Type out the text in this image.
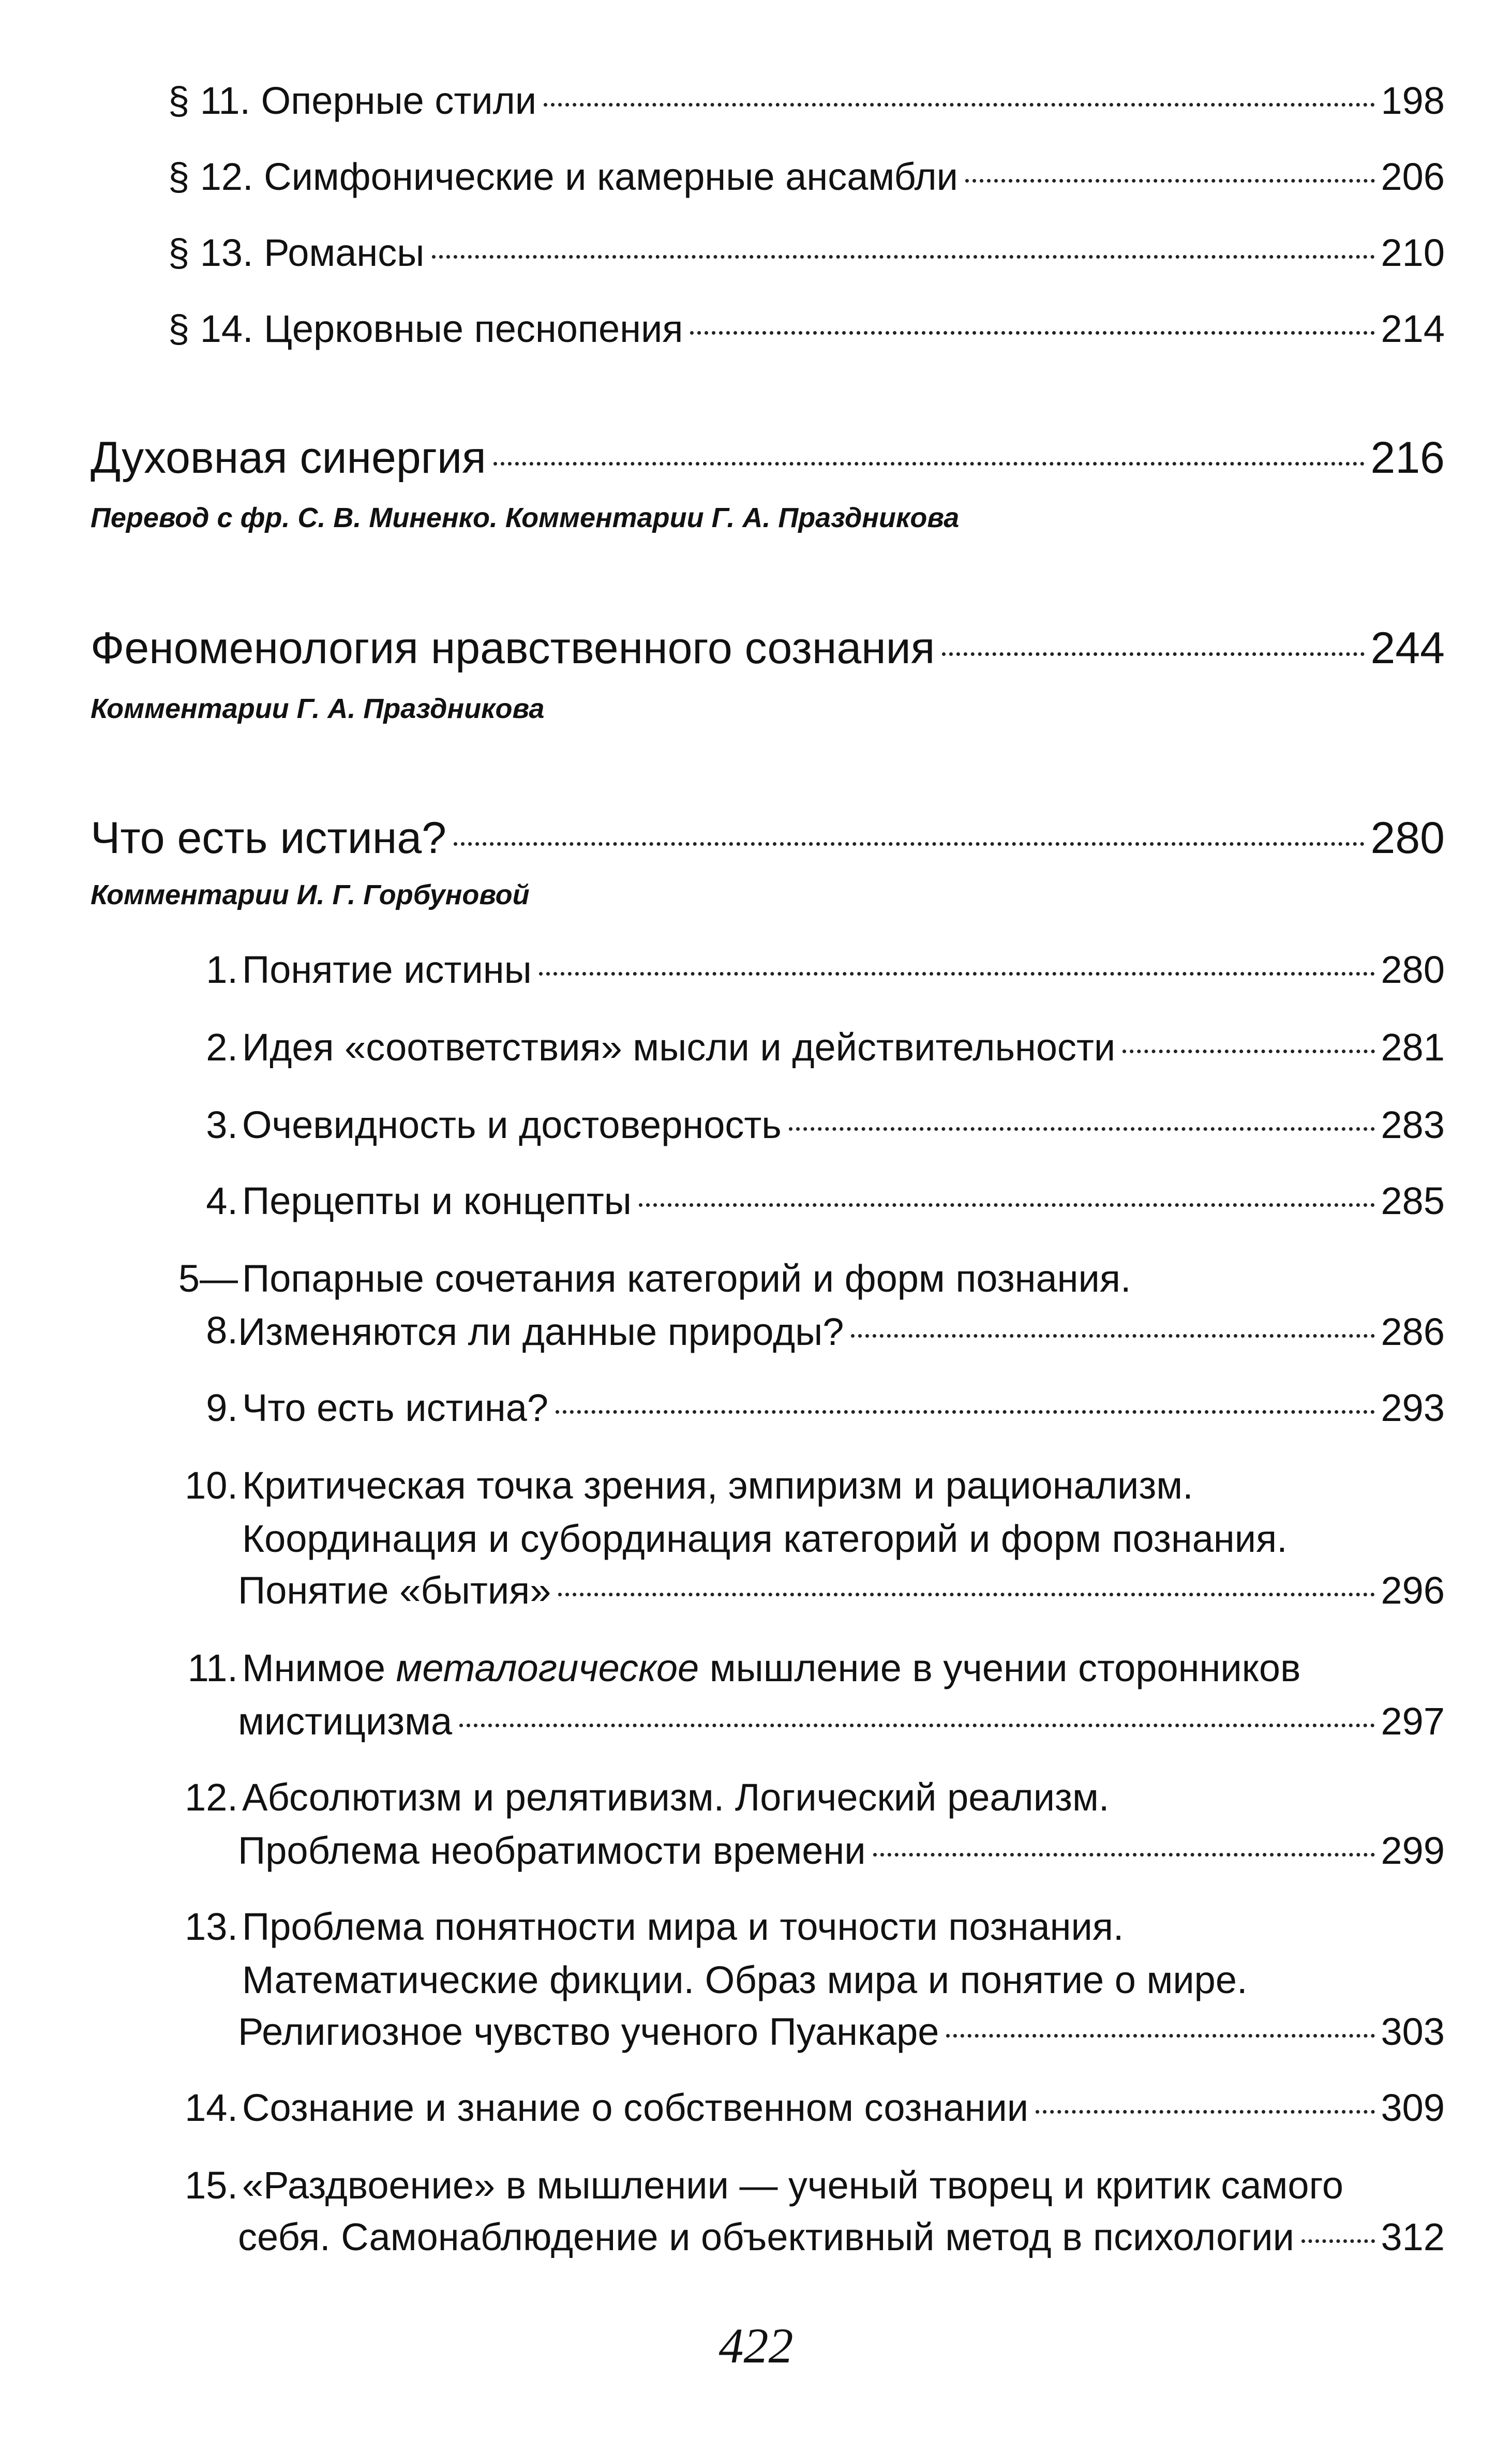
§ 11. Оперные стили	198
§ 12. Симфонические и камерные ансамбли	206
§ 13. Романсы	210
§ 14. Церковные песнопения	214
Духовная синергия	216
Перевод с фр. С. В. Миненко. Комментарии Г. А. Праздникова
Феноменология нравственного сознания	244
Комментарии Г. А. Праздникова
Что есть истина?	280
Комментарии И. Г. Горбуновой
1. Понятие истины	280
2. Идея «соответствия» мысли и действительности	281
3. Очевидность и достоверность	283
4. Перцепты и концепты	285
5—8.
Попарные сочетания категорий и форм познания.
Изменяются ли данные природы?	286
9. Что есть истина?	293
10. Критическая точка зрения, эмпиризм и рационализм.
Координация и субординация категорий и форм познания.
Понятие «бытия»	296
11. Мнимое металогическое мышление в учении сторонников
мистицизма	297
12. Абсолютизм и релятивизм. Логический реализм.
Проблема необратимости времени	299
13. Проблема понятности мира и точности познания.
Математические фикции. Образ мира и понятие о мире.
Религиозное чувство ученого Пуанкаре	303
14. Сознание и знание о собственном сознании	309
15. «Раздвоение» в мышлении — ученый творец и критик самого
себя. Самонаблюдение и объективный метод в психологии 312
422
